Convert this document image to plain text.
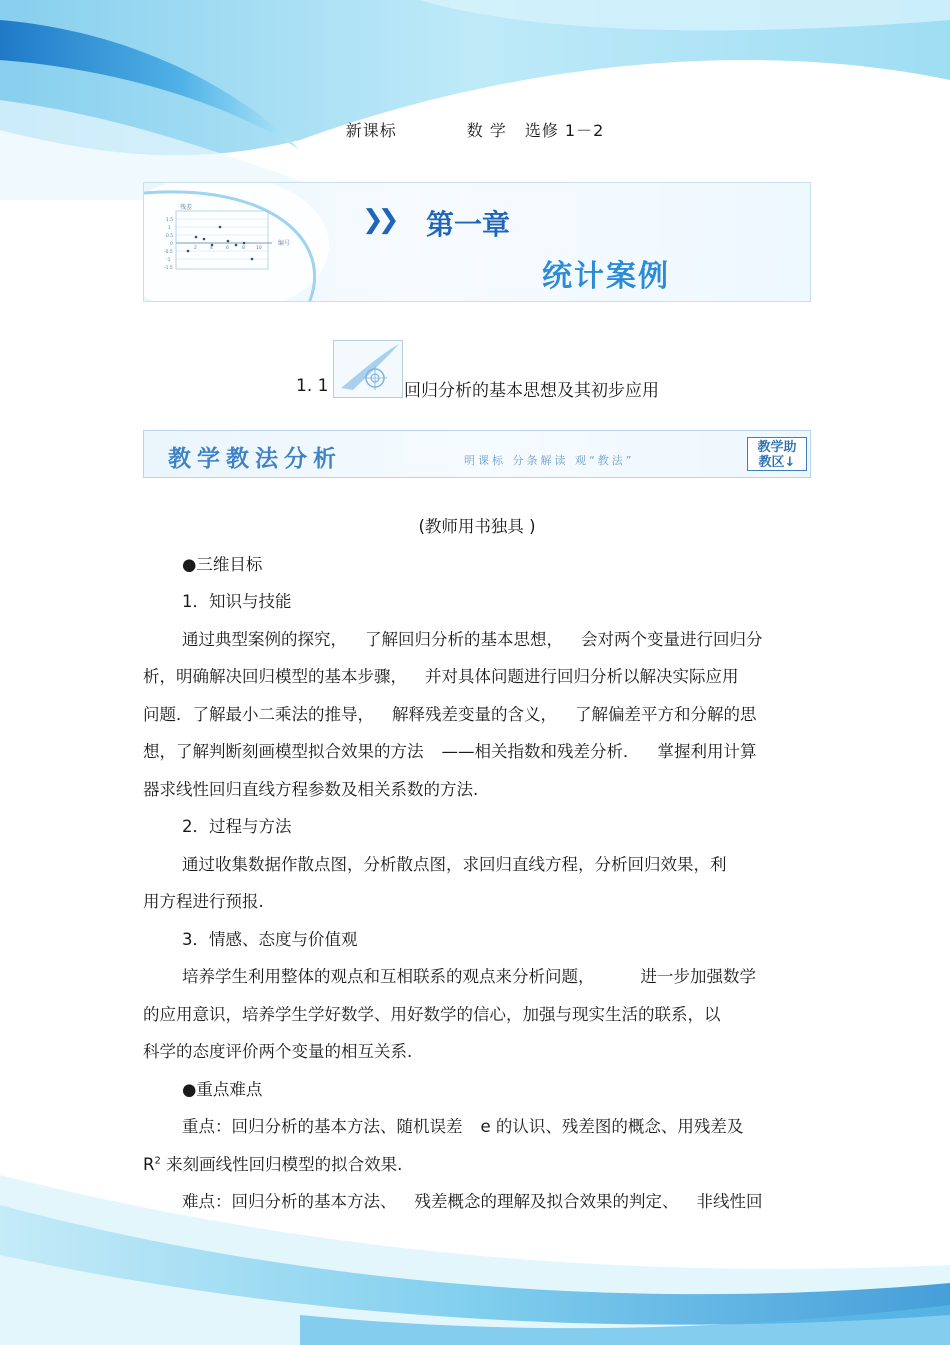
新课标	数 学 选修 1－2
残差
编号
2	4	6	8 10
1.5
1
0.5
0
-0.5
-1
-1.5
❯❯ 第一章
统计案例
1. 1	回归分析的基本思想及其初步应用
教学教法分析	明课标 分条解读 观“教法”
教学助
教区↓

(教师用书独具 )

●三维目标

1．知识与技能

通过典型案例的探究， 了解回归分析的基本思想， 会对两个变量进行回归分

析，明确解决回归模型的基本步骤， 并对具体问题进行回归分析以解决实际应用

问题．了解最小二乘法的推导， 解释残差变量的含义， 了解偏差平方和分解的思

想，了解判断刻画模型拟合效果的方法 ——相关指数和残差分析． 掌握利用计算

器求线性回归直线方程参数及相关系数的方法.

2．过程与方法

通过收集数据作散点图，分析散点图，求回归直线方程，分析回归效果，利

用方程进行预报.

3．情感、态度与价值观

培养学生利用整体的观点和互相联系的观点来分析问题，	进一步加强数学

的应用意识，培养学生学好数学、用好数学的信心，加强与现实生活的联系，以

科学的态度评价两个变量的相互关系.

●重点难点

重点：回归分析的基本方法、随机误差 e 的认识、残差图的概念、用残差及

$R^2$ 来刻画线性回归模型的拟合效果.

难点：回归分析的基本方法、 残差概念的理解及拟合效果的判定、 非线性回
